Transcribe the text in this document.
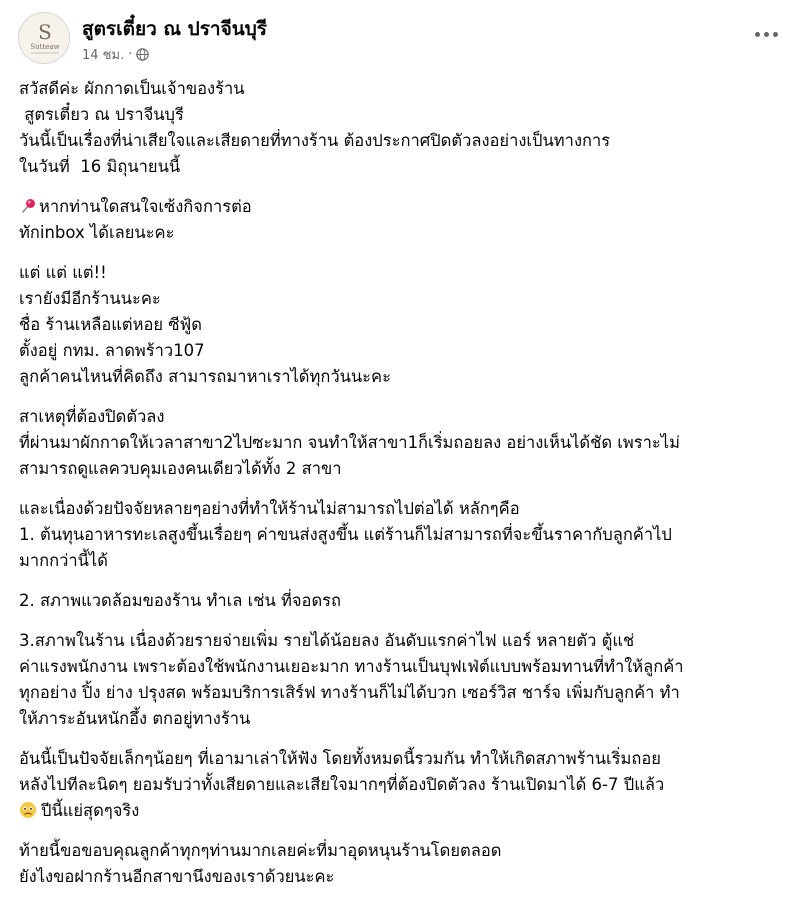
S
Sutteaw
สูตรเตี๋ยว ณ ปราจีนบุรี
14 ชม. ·
สวัสดีค่ะ ผักกาดเป็นเจ้าของร้าน
สูตรเตี๋ยว ณ ปราจีนบุรี
วันนี้เป็นเรื่องที่น่าเสียใจและเสียดายที่ทางร้าน ต้องประกาศปิดตัวลงอย่างเป็นทางการ
ในวันที่  16 มิถุนายนนี้
หากท่านใดสนใจเซ้งกิจการต่อ
ทักinbox ได้เลยนะคะ
แต่ แต่ แต่!!
เรายังมีอีกร้านนะคะ
ชื่อ ร้านเหลือแต่หอย ซีฟู้ด
ตั้งอยู่ กทม. ลาดพร้าว107
ลูกค้าคนไหนที่คิดถึง สามารถมาหาเราได้ทุกวันนะคะ
สาเหตุที่ต้องปิดตัวลง
ที่ผ่านมาผักกาดให้เวลาสาขา2ไปซะมาก จนทำให้สาขา1ก็เริ่มถอยลง อย่างเห็นได้ชัด เพราะไม่
สามารถดูแลควบคุมเองคนเดียวได้ทั้ง 2 สาขา
และเนื่องด้วยปัจจัยหลายๆอย่างที่ทำให้ร้านไม่สามารถไปต่อได้ หลักๆคือ
1. ต้นทุนอาหารทะเลสูงขึ้นเรื่อยๆ ค่าขนส่งสูงขึ้น แต่ร้านก็ไม่สามารถที่จะขึ้นราคากับลูกค้าไป
มากกว่านี้ได้
2. สภาพแวดล้อมของร้าน ทำเล เช่น ที่จอดรถ
3.สภาพในร้าน เนื่องด้วยรายจ่ายเพิ่ม รายได้น้อยลง อันดับแรกค่าไฟ แอร์ หลายตัว ตู้แช่
ค่าแรงพนักงาน เพราะต้องใช้พนักงานเยอะมาก ทางร้านเป็นบุฟเฟ่ต์แบบพร้อมทานที่ทำให้ลูกค้า
ทุกอย่าง ปิ้ง ย่าง ปรุงสด พร้อมบริการเสิร์ฟ ทางร้านก็ไม่ได้บวก เซอร์วิส ชาร์จ เพิ่มกับลูกค้า ทำ
ให้ภาระอันหนักอึ้ง ตกอยู่ทางร้าน
อันนี้เป็นปัจจัยเล็กๆน้อยๆ ที่เอามาเล่าให้ฟัง โดยทั้งหมดนี้รวมกัน ทำให้เกิดสภาพร้านเริ่มถอย
หลังไปทีละนิดๆ ยอมรับว่าทั้งเสียดายและเสียใจมากๆที่ต้องปิดตัวลง ร้านเปิดมาได้ 6-7 ปีแล้ว
ปีนี้แย่สุดๆจริง
ท้ายนี้ขอขอบคุณลูกค้าทุกๆท่านมากเลยค่ะที่มาอุดหนุนร้านโดยตลอด
ยังไงขอฝากร้านอีกสาขานึงของเราด้วยนะคะ
